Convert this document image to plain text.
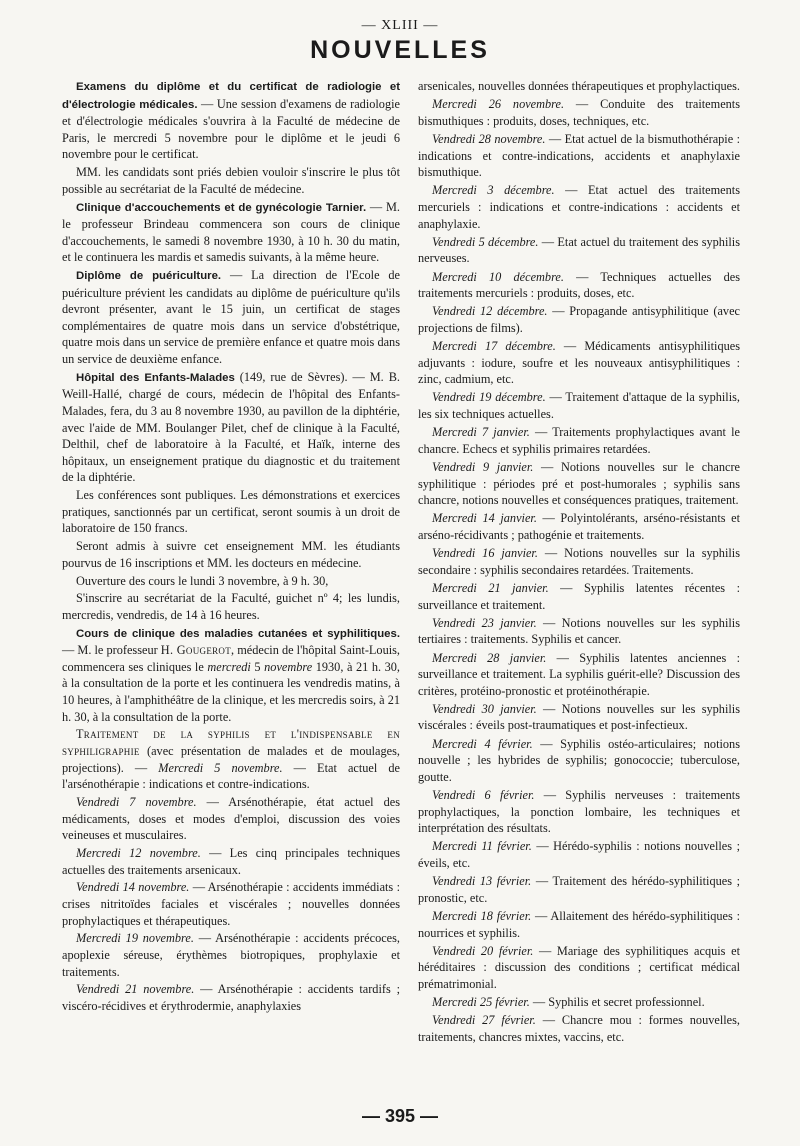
— XLIII —
NOUVELLES

Examens du diplôme et du certificat de radiologie et d'électrologie médicales. — Une session d'examens de radiologie et d'électrologie médicales s'ouvrira à la Faculté de médecine de Paris, le mercredi 5 novembre pour le diplôme et le jeudi 6 novembre pour le certificat.

MM. les candidats sont priés debien vouloir s'inscrire le plus tôt possible au secrétariat de la Faculté de médecine.

Clinique d'accouchements et de gynécologie Tarnier. — M. le professeur Brindeau commencera son cours de clinique d'accouchements, le samedi 8 novembre 1930, à 10 h. 30 du matin, et le continuera les mardis et samedis suivants, à la même heure.

Diplôme de puériculture. — La direction de l'Ecole de puériculture prévient les candidats au diplôme de puériculture qu'ils devront présenter, avant le 15 juin, un certificat de stages complémentaires de quatre mois dans un service d'obstétrique, quatre mois dans un service de première enfance et quatre mois dans un service de deuxième enfance.

Hôpital des Enfants-Malades (149, rue de Sèvres). — M. B. Weill-Hallé, chargé de cours, médecin de l'hôpital des Enfants-Malades, fera, du 3 au 8 novembre 1930, au pavillon de la diphtérie, avec l'aide de MM. Boulanger Pilet, chef de clinique à la Faculté, Delthil, chef de laboratoire à la Faculté, et Haïk, interne des hôpitaux, un enseignement pratique du diagnostic et du traitement de la diphtérie.

Les conférences sont publiques. Les démonstrations et exercices pratiques, sanctionnés par un certificat, seront soumis à un droit de laboratoire de 150 francs.

Seront admis à suivre cet enseignement MM. les étudiants pourvus de 16 inscriptions et MM. les docteurs en médecine.

Ouverture des cours le lundi 3 novembre, à 9 h. 30,

S'inscrire au secrétariat de la Faculté, guichet nº 4; les lundis, mercredis, vendredis, de 14 à 16 heures.

Cours de clinique des maladies cutanées et syphilitiques. — M. le professeur H. Gougerot, médecin de l'hôpital Saint-Louis, commencera ses cliniques le mercredi 5 novembre 1930, à 21 h. 30, à la consultation de la porte et les continuera les vendredis matins, à 10 heures, à l'amphithéâtre de la clinique, et les mercredis soirs, à 21 h. 30, à la consultation de la porte.

Traitement de la syphilis et l'indispensable en syphiligraphie (avec présentation de malades et de moulages, projections). — Mercredi 5 novembre. — Etat actuel de l'arsénothérapie : indications et contre-indications.

Vendredi 7 novembre. — Arsénothérapie, état actuel des médicaments, doses et modes d'emploi, discussion des voies veineuses et musculaires.

Mercredi 12 novembre. — Les cinq principales techniques actuelles des traitements arsenicaux.

Vendredi 14 novembre. — Arsénothérapie : accidents immédiats : crises nitritoïdes faciales et viscérales ; nouvelles données prophylactiques et thérapeutiques.

Mercredi 19 novembre. — Arsénothérapie : accidents précoces, apoplexie séreuse, érythèmes biotropiques, prophylaxie et traitements.

Vendredi 21 novembre. — Arsénothérapie : accidents tardifs ; viscéro-récidives et érythrodermie, anaphylaxies

arsenicales, nouvelles données thérapeutiques et prophylactiques.

Mercredi 26 novembre. — Conduite des traitements bismuthiques : produits, doses, techniques, etc.

Vendredi 28 novembre. — Etat actuel de la bismuthothérapie : indications et contre-indications, accidents et anaphylaxie bismuthique.

Mercredi 3 décembre. — Etat actuel des traitements mercuriels : indications et contre-indications : accidents et anaphylaxie.

Vendredi 5 décembre. — Etat actuel du traitement des syphilis nerveuses.

Mercredi 10 décembre. — Techniques actuelles des traitements mercuriels : produits, doses, etc.

Vendredi 12 décembre. — Propagande antisyphilitique (avec projections de films).

Mercredi 17 décembre. — Médicaments antisyphilitiques adjuvants : iodure, soufre et les nouveaux antisyphilitiques : zinc, cadmium, etc.

Vendredi 19 décembre. — Traitement d'attaque de la syphilis, les six techniques actuelles.

Mercredi 7 janvier. — Traitements prophylactiques avant le chancre. Echecs et syphilis primaires retardées.

Vendredi 9 janvier. — Notions nouvelles sur le chancre syphilitique : périodes pré et post-humorales ; syphilis sans chancre, notions nouvelles et conséquences pratiques, traitement.

Mercredi 14 janvier. — Polyintolérants, arséno-résistants et arséno-récidivants ; pathogénie et traitements.

Vendredi 16 janvier. — Notions nouvelles sur la syphilis secondaire : syphilis secondaires retardées. Traitements.

Mercredi 21 janvier. — Syphilis latentes récentes : surveillance et traitement.

Vendredi 23 janvier. — Notions nouvelles sur les syphilis tertiaires : traitements. Syphilis et cancer.

Mercredi 28 janvier. — Syphilis latentes anciennes : surveillance et traitement. La syphilis guérit-elle? Discussion des critères, protéino-pronostic et protéinothérapie.

Vendredi 30 janvier. — Notions nouvelles sur les syphilis viscérales : éveils post-traumatiques et post-infectieux.

Mercredi 4 février. — Syphilis ostéo-articulaires; notions nouvelle ; les hybrides de syphilis; gonococcie; tuberculose, goutte.

Vendredi 6 février. — Syphilis nerveuses : traitements prophylactiques, la ponction lombaire, les techniques et interprétation des résultats.

Mercredi 11 février. — Hérédo-syphilis : notions nouvelles ; éveils, etc.

Vendredi 13 février. — Traitement des hérédo-syphilitiques ; pronostic, etc.

Mercredi 18 février. — Allaitement des hérédo-syphilitiques : nourrices et syphilis.

Vendredi 20 février. — Mariage des syphilitiques acquis et héréditaires : discussion des conditions ; certificat médical prématrimonial.

Mercredi 25 février. — Syphilis et secret professionnel.

Vendredi 27 février. — Chancre mou : formes nouvelles, traitements, chancres mixtes, vaccins, etc.

— 395 —
